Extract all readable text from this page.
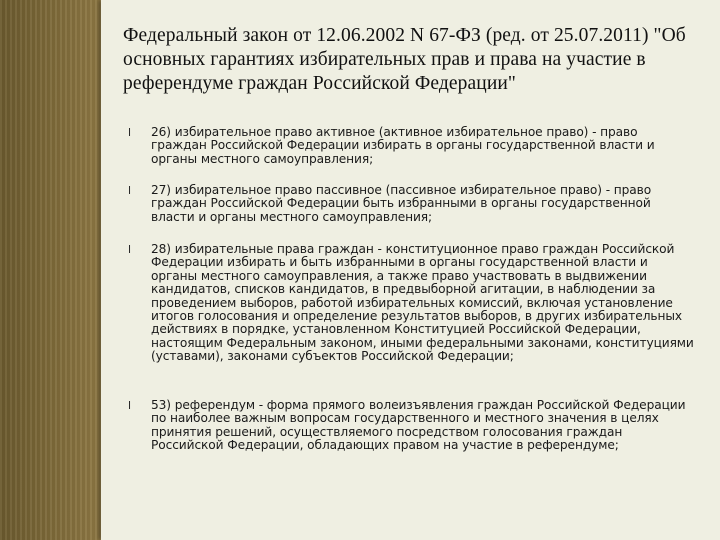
Федеральный закон от 12.06.2002 N 67-ФЗ (ред. от 25.07.2011) "Об основных гарантиях избирательных прав и права на участие в референдуме граждан Российской Федерации"
l	26) избирательное право активное (активное избирательное право) - право граждан Российской Федерации избирать в органы государственной власти и органы местного самоуправления;

l	27) избирательное право пассивное (пассивное избирательное право) - право граждан Российской Федерации быть избранными в органы государственной власти и органы местного самоуправления;

l	28) избирательные права граждан - конституционное право граждан Российской Федерации избирать и быть избранными в органы государственной власти и органы местного самоуправления, а также право участвовать в выдвижении кандидатов, списков кандидатов, в предвыборной агитации, в наблюдении за проведением выборов, работой избирательных комиссий, включая установление итогов голосования и определение результатов выборов, в других избирательных действиях в порядке, установленном Конституцией Российской Федерации, настоящим Федеральным законом, иными федеральными законами, конституциями (уставами), законами субъектов Российской Федерации;

l	53) референдум - форма прямого волеизъявления граждан Российской Федерации по наиболее важным вопросам государственного и местного значения в целях принятия решений, осуществляемого посредством голосования граждан Российской Федерации, обладающих правом на участие в референдуме;
